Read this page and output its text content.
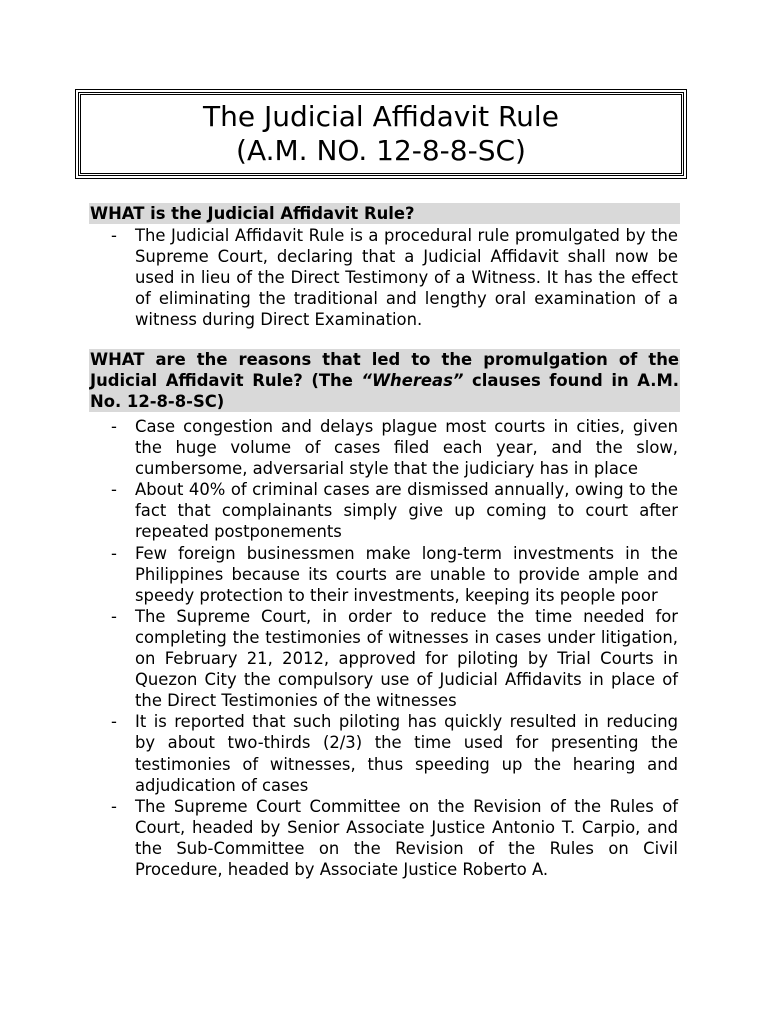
The Judicial Affidavit Rule
(A.M. NO. 12-8-8-SC)
WHAT is the Judicial Affidavit Rule?
- The Judicial Affidavit Rule is a procedural rule promulgated by the Supreme Court, declaring that a Judicial Affidavit shall now be used in lieu of the Direct Testimony of a Witness. It has the effect of eliminating the traditional and lengthy oral examination of a witness during Direct Examination.
WHAT are the reasons that led to the promulgation of the Judicial Affidavit Rule? (The “Whereas” clauses found in A.M. No. 12-8-8-SC)
- Case congestion and delays plague most courts in cities, given the huge volume of cases filed each year, and the slow, cumbersome, adversarial style that the judiciary has in place
- About 40% of criminal cases are dismissed annually, owing to the fact that complainants simply give up coming to court after repeated postponements
- Few foreign businessmen make long-term investments in the Philippines because its courts are unable to provide ample and speedy protection to their investments, keeping its people poor
- The Supreme Court, in order to reduce the time needed for completing the testimonies of witnesses in cases under litigation, on February 21, 2012, approved for piloting by Trial Courts in Quezon City the compulsory use of Judicial Affidavits in place of the Direct Testimonies of the witnesses
- It is reported that such piloting has quickly resulted in reducing by about two-thirds (2/3) the time used for presenting the testimonies of witnesses, thus speeding up the hearing and adjudication of cases
- The Supreme Court Committee on the Revision of the Rules of Court, headed by Senior Associate Justice Antonio T. Carpio, and the Sub-Committee on the Revision of the Rules on Civil Procedure, headed by Associate Justice Roberto A.
